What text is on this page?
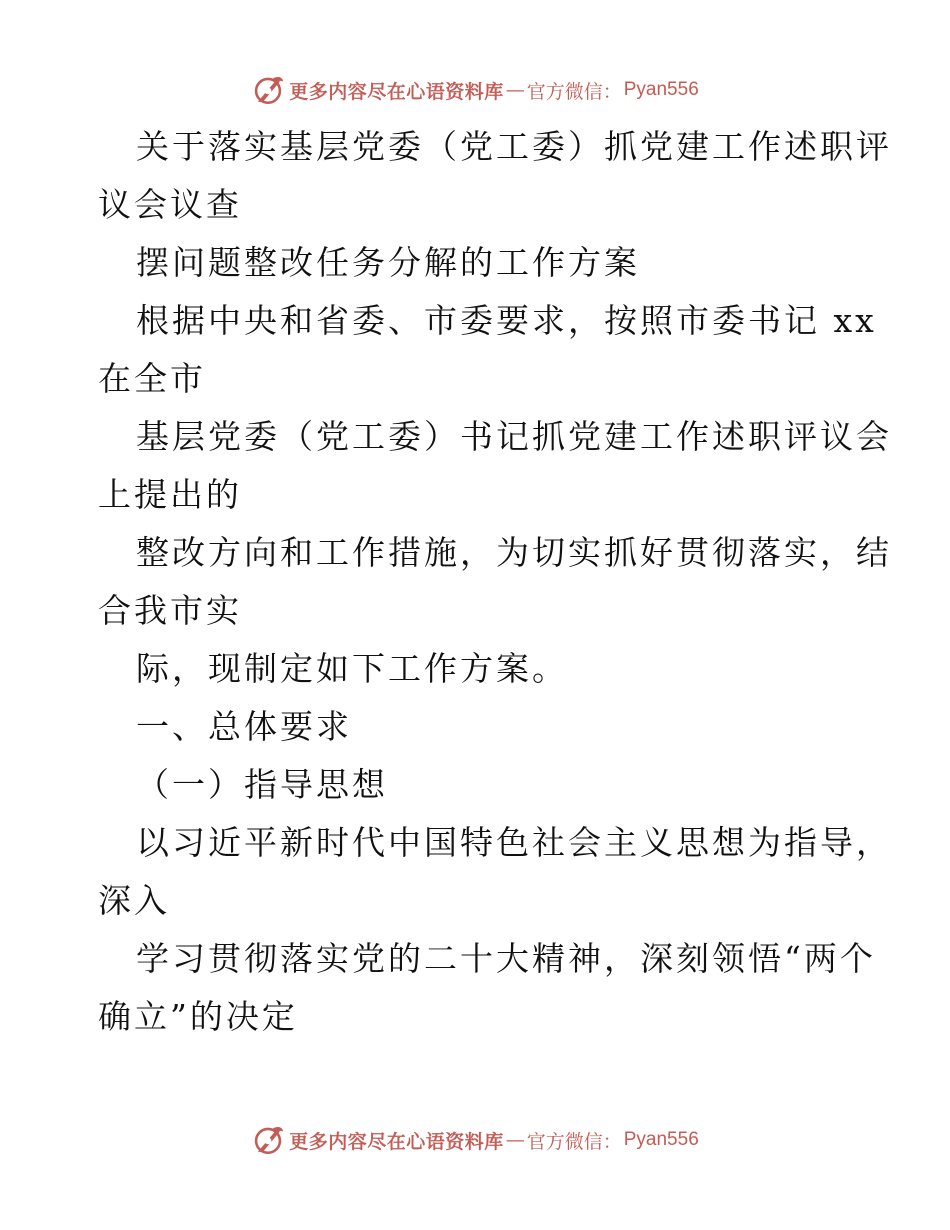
更多内容尽在心语资料库 — 官方微信： Pyan556
关于落实基层党委（党工委）抓党建工作述职评
议会议查
摆问题整改任务分解的工作方案
根据中央和省委、市委要求，按照市委书记 xx
在全市
基层党委（党工委）书记抓党建工作述职评议会
上提出的
整改方向和工作措施，为切实抓好贯彻落实，结
合我市实
际，现制定如下工作方案。
一、总体要求
（一）指导思想
以习近平新时代中国特色社会主义思想为指导，
深入
学习贯彻落实党的二十大精神，深刻领悟“两个
确立”的决定
更多内容尽在心语资料库 — 官方微信： Pyan556
